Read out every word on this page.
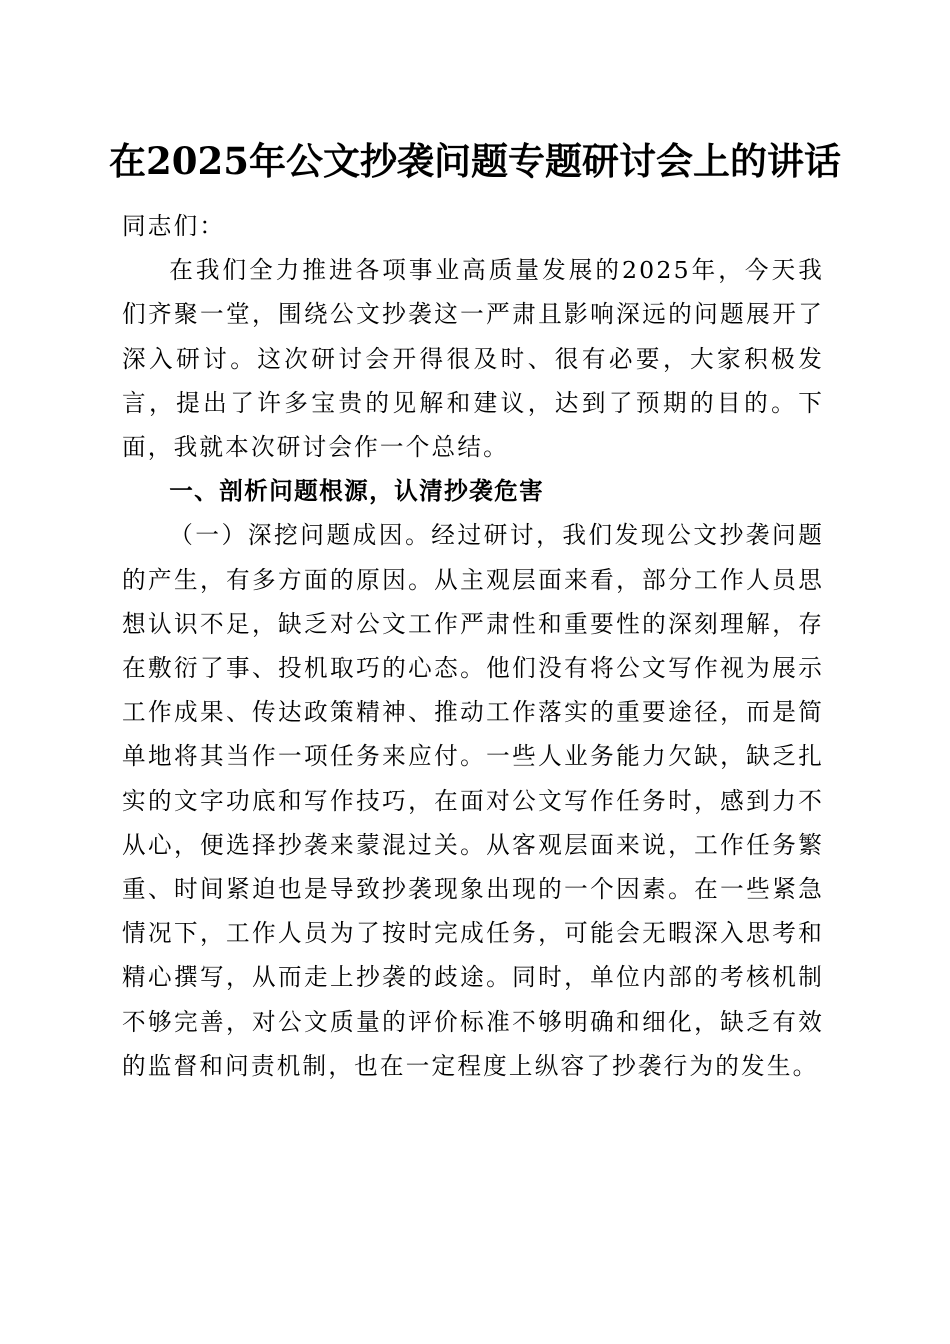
在2025年公文抄袭问题专题研讨会上的讲话

同志们：

在我们全力推进各项事业高质量发展的2025年，今天我们齐聚一堂，围绕公文抄袭这一严肃且影响深远的问题展开了深入研讨。这次研讨会开得很及时、很有必要，大家积极发言，提出了许多宝贵的见解和建议，达到了预期的目的。下面，我就本次研讨会作一个总结。

一、剖析问题根源，认清抄袭危害

（一）深挖问题成因。经过研讨，我们发现公文抄袭问题的产生，有多方面的原因。从主观层面来看，部分工作人员思想认识不足，缺乏对公文工作严肃性和重要性的深刻理解，存在敷衍了事、投机取巧的心态。他们没有将公文写作视为展示工作成果、传达政策精神、推动工作落实的重要途径，而是简单地将其当作一项任务来应付。一些人业务能力欠缺，缺乏扎实的文字功底和写作技巧，在面对公文写作任务时，感到力不从心，便选择抄袭来蒙混过关。从客观层面来说，工作任务繁重、时间紧迫也是导致抄袭现象出现的一个因素。在一些紧急情况下，工作人员为了按时完成任务，可能会无暇深入思考和精心撰写，从而走上抄袭的歧途。同时，单位内部的考核机制不够完善，对公文质量的评价标准不够明确和细化，缺乏有效的监督和问责机制，也在一定程度上纵容了抄袭行为的发生。
